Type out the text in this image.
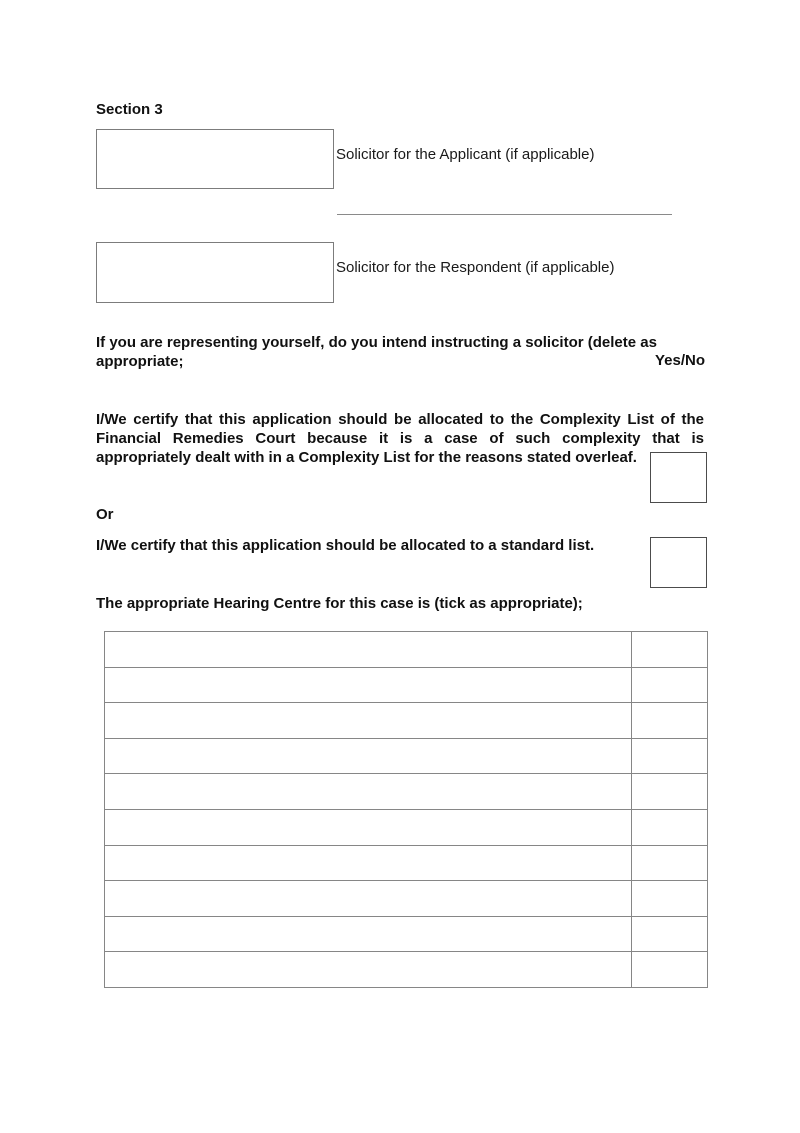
Section 3
Solicitor for the Applicant (if applicable)
Solicitor for the Respondent (if applicable)
If you are representing yourself, do you intend instructing a solicitor (delete as appropriate;	Yes/No
I/We certify that this application should be allocated to the Complexity List of the Financial Remedies Court because it is a case of such complexity that is appropriately dealt with in a Complexity List for the reasons stated overleaf.
Or
I/We certify that this application should be allocated to a standard list.
The appropriate Hearing Centre for this case is (tick as appropriate);
